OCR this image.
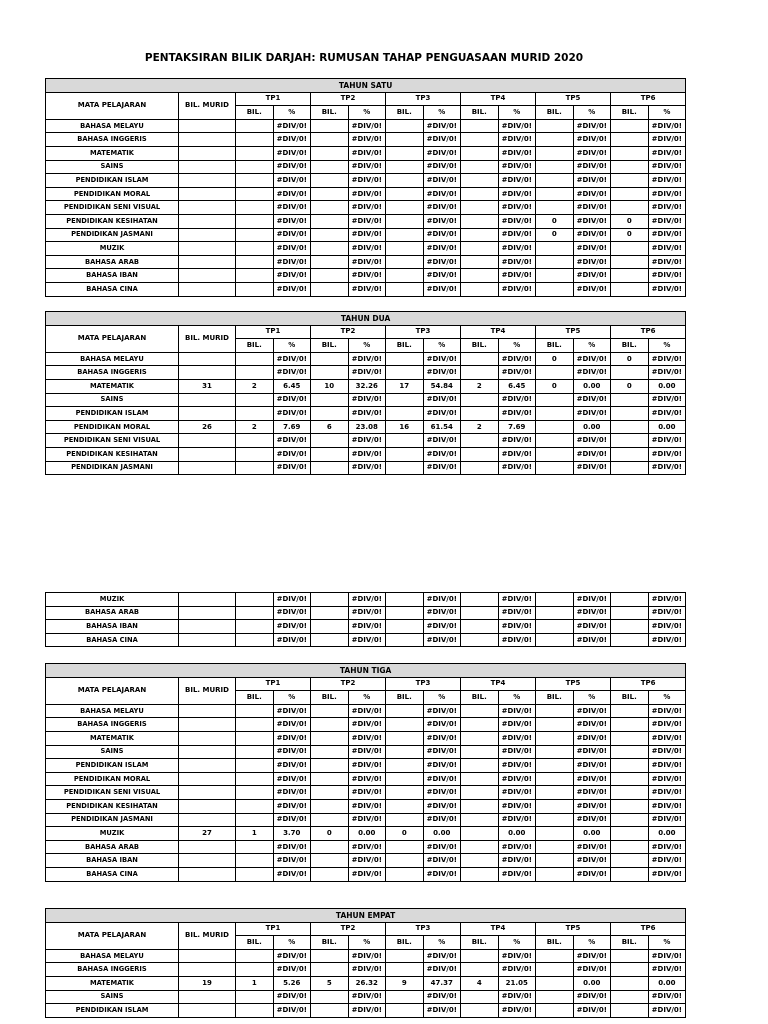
PENTAKSIRAN BILIK DARJAH: RUMUSAN TAHAP PENGUASAAN MURID 2020
TAHUN SATU													
MATA PELAJARAN	BIL. MURID	TP1		TP2		TP3		TP4		TP5		TP6	
		BIL.	%	BIL.	%	BIL.	%	BIL.	%	BIL.	%	BIL.	%
BAHASA MELAYU			#DIV/0!		#DIV/0!		#DIV/0!		#DIV/0!		#DIV/0!		#DIV/0!
BAHASA INGGERIS			#DIV/0!		#DIV/0!		#DIV/0!		#DIV/0!		#DIV/0!		#DIV/0!
MATEMATIK			#DIV/0!		#DIV/0!		#DIV/0!		#DIV/0!		#DIV/0!		#DIV/0!
SAINS			#DIV/0!		#DIV/0!		#DIV/0!		#DIV/0!		#DIV/0!		#DIV/0!
PENDIDIKAN ISLAM			#DIV/0!		#DIV/0!		#DIV/0!		#DIV/0!		#DIV/0!		#DIV/0!
PENDIDIKAN MORAL			#DIV/0!		#DIV/0!		#DIV/0!		#DIV/0!		#DIV/0!		#DIV/0!
PENDIDIKAN SENI VISUAL			#DIV/0!		#DIV/0!		#DIV/0!		#DIV/0!		#DIV/0!		#DIV/0!
PENDIDIKAN KESIHATAN			#DIV/0!		#DIV/0!		#DIV/0!		#DIV/0!	0	#DIV/0!	0	#DIV/0!
PENDIDIKAN JASMANI			#DIV/0!		#DIV/0!		#DIV/0!		#DIV/0!	0	#DIV/0!	0	#DIV/0!
MUZIK			#DIV/0!		#DIV/0!		#DIV/0!		#DIV/0!		#DIV/0!		#DIV/0!
BAHASA ARAB			#DIV/0!		#DIV/0!		#DIV/0!		#DIV/0!		#DIV/0!		#DIV/0!
BAHASA IBAN			#DIV/0!		#DIV/0!		#DIV/0!		#DIV/0!		#DIV/0!		#DIV/0!
BAHASA CINA			#DIV/0!		#DIV/0!		#DIV/0!		#DIV/0!		#DIV/0!		#DIV/0!
TAHUN DUA													
MATA PELAJARAN	BIL. MURID	TP1		TP2		TP3		TP4		TP5		TP6	
		BIL.	%	BIL.	%	BIL.	%	BIL.	%	BIL.	%	BIL.	%
BAHASA MELAYU			#DIV/0!		#DIV/0!		#DIV/0!		#DIV/0!	0	#DIV/0!	0	#DIV/0!
BAHASA INGGERIS			#DIV/0!		#DIV/0!		#DIV/0!		#DIV/0!		#DIV/0!		#DIV/0!
MATEMATIK	31	2	6.45	10	32.26	17	54.84	2	6.45	0	0.00	0	0.00
SAINS			#DIV/0!		#DIV/0!		#DIV/0!		#DIV/0!		#DIV/0!		#DIV/0!
PENDIDIKAN ISLAM			#DIV/0!		#DIV/0!		#DIV/0!		#DIV/0!		#DIV/0!		#DIV/0!
PENDIDIKAN MORAL	26	2	7.69	6	23.08	16	61.54	2	7.69		0.00		0.00
PENDIDIKAN SENI VISUAL			#DIV/0!		#DIV/0!		#DIV/0!		#DIV/0!		#DIV/0!		#DIV/0!
PENDIDIKAN KESIHATAN			#DIV/0!		#DIV/0!		#DIV/0!		#DIV/0!		#DIV/0!		#DIV/0!
PENDIDIKAN JASMANI			#DIV/0!		#DIV/0!		#DIV/0!		#DIV/0!		#DIV/0!		#DIV/0!
MUZIK			#DIV/0!		#DIV/0!		#DIV/0!		#DIV/0!		#DIV/0!		#DIV/0!
BAHASA ARAB			#DIV/0!		#DIV/0!		#DIV/0!		#DIV/0!		#DIV/0!		#DIV/0!
BAHASA IBAN			#DIV/0!		#DIV/0!		#DIV/0!		#DIV/0!		#DIV/0!		#DIV/0!
BAHASA CINA			#DIV/0!		#DIV/0!		#DIV/0!		#DIV/0!		#DIV/0!		#DIV/0!
TAHUN TIGA													
MATA PELAJARAN	BIL. MURID	TP1		TP2		TP3		TP4		TP5		TP6	
		BIL.	%	BIL.	%	BIL.	%	BIL.	%	BIL.	%	BIL.	%
BAHASA MELAYU			#DIV/0!		#DIV/0!		#DIV/0!		#DIV/0!		#DIV/0!		#DIV/0!
BAHASA INGGERIS			#DIV/0!		#DIV/0!		#DIV/0!		#DIV/0!		#DIV/0!		#DIV/0!
MATEMATIK			#DIV/0!		#DIV/0!		#DIV/0!		#DIV/0!		#DIV/0!		#DIV/0!
SAINS			#DIV/0!		#DIV/0!		#DIV/0!		#DIV/0!		#DIV/0!		#DIV/0!
PENDIDIKAN ISLAM			#DIV/0!		#DIV/0!		#DIV/0!		#DIV/0!		#DIV/0!		#DIV/0!
PENDIDIKAN MORAL			#DIV/0!		#DIV/0!		#DIV/0!		#DIV/0!		#DIV/0!		#DIV/0!
PENDIDIKAN SENI VISUAL			#DIV/0!		#DIV/0!		#DIV/0!		#DIV/0!		#DIV/0!		#DIV/0!
PENDIDIKAN KESIHATAN			#DIV/0!		#DIV/0!		#DIV/0!		#DIV/0!		#DIV/0!		#DIV/0!
PENDIDIKAN JASMANI			#DIV/0!		#DIV/0!		#DIV/0!		#DIV/0!		#DIV/0!		#DIV/0!
MUZIK	27	1	3.70	0	0.00	0	0.00		0.00		0.00		0.00
BAHASA ARAB			#DIV/0!		#DIV/0!		#DIV/0!		#DIV/0!		#DIV/0!		#DIV/0!
BAHASA IBAN			#DIV/0!		#DIV/0!		#DIV/0!		#DIV/0!		#DIV/0!		#DIV/0!
BAHASA CINA			#DIV/0!		#DIV/0!		#DIV/0!		#DIV/0!		#DIV/0!		#DIV/0!
TAHUN EMPAT													
MATA PELAJARAN	BIL. MURID	TP1		TP2		TP3		TP4		TP5		TP6	
		BIL.	%	BIL.	%	BIL.	%	BIL.	%	BIL.	%	BIL.	%
BAHASA MELAYU			#DIV/0!		#DIV/0!		#DIV/0!		#DIV/0!		#DIV/0!		#DIV/0!
BAHASA INGGERIS			#DIV/0!		#DIV/0!		#DIV/0!		#DIV/0!		#DIV/0!		#DIV/0!
MATEMATIK	19	1	5.26	5	26.32	9	47.37	4	21.05		0.00		0.00
SAINS			#DIV/0!		#DIV/0!		#DIV/0!		#DIV/0!		#DIV/0!		#DIV/0!
PENDIDIKAN ISLAM			#DIV/0!		#DIV/0!		#DIV/0!		#DIV/0!		#DIV/0!		#DIV/0!
